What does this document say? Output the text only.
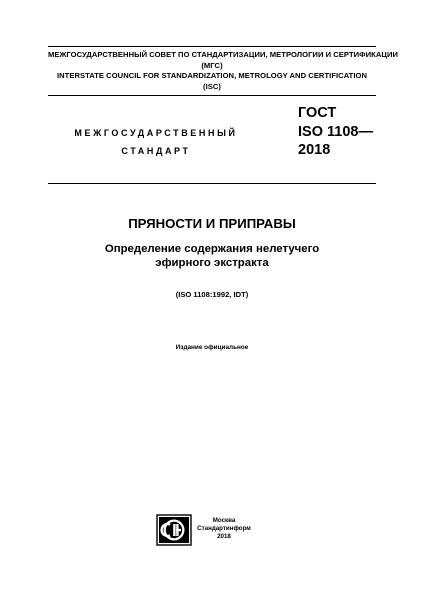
МЕЖГОСУДАРСТВЕННЫЙ СОВЕТ ПО СТАНДАРТИЗАЦИИ, МЕТРОЛОГИИ И СЕРТИФИКАЦИИ
(МГС)
INTERSTATE COUNCIL FOR STANDARDIZATION, METROLOGY AND CERTIFICATION
(ISC)
МЕЖГОСУДАРСТВЕННЫЙ
СТАНДАРТ
ГОСТ
ISO 1108—
2018
ПРЯНОСТИ И ПРИПРАВЫ
Определение содержания нелетучего
эфирного экстракта
(ISO 1108:1992, IDT)
Издание официальное
Москва
Стандартинформ
2018
